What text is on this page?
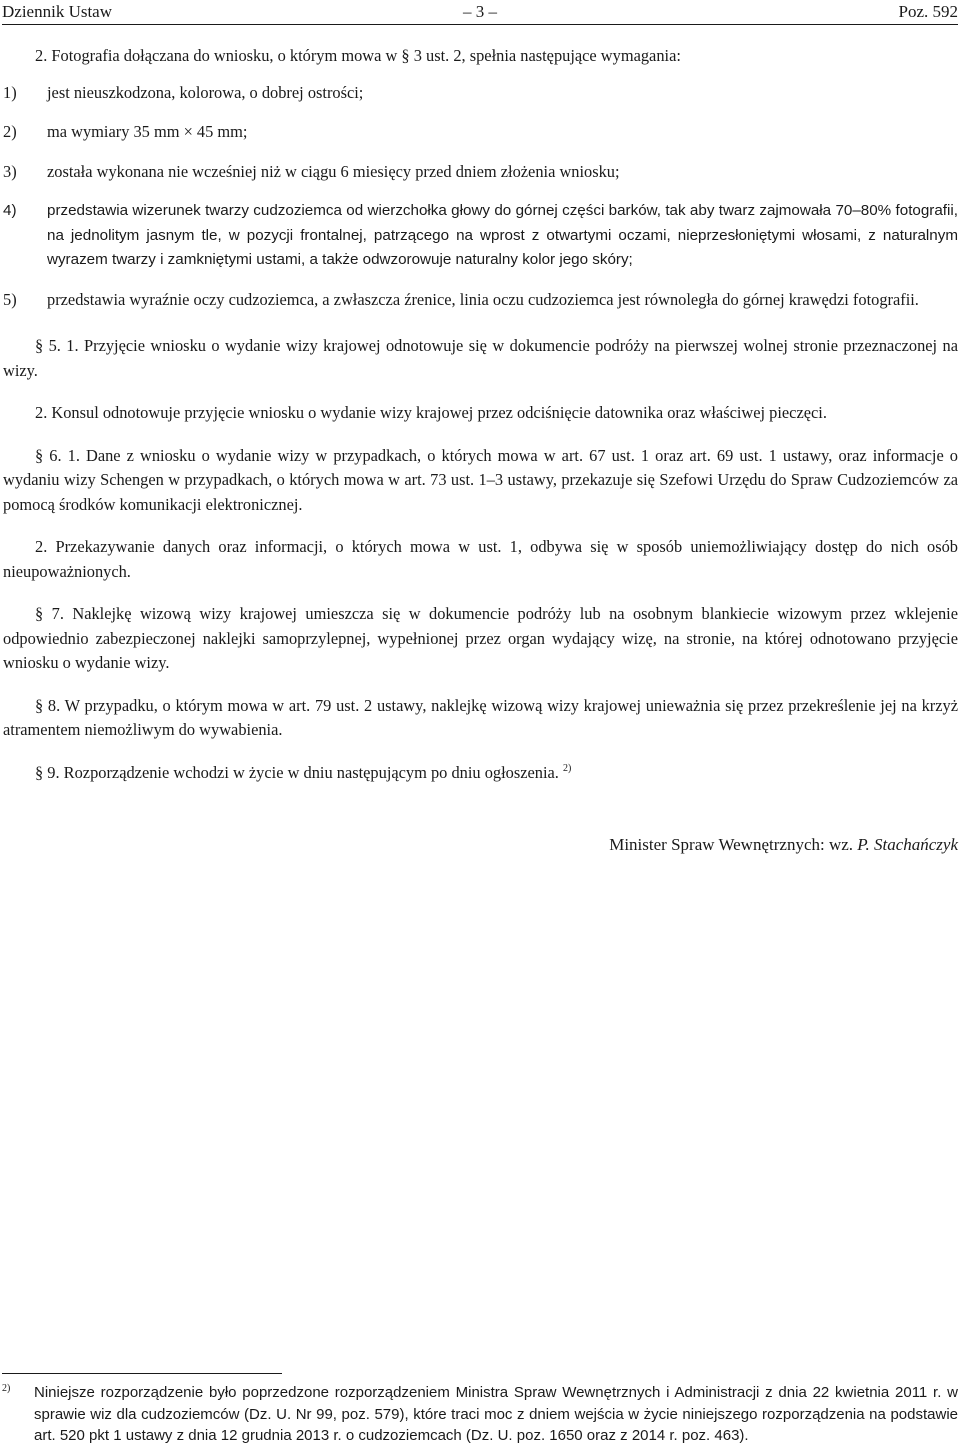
Dziennik Ustaw	– 3 –	Poz. 592

2. Fotografia dołączana do wniosku, o którym mowa w § 3 ust. 2, spełnia następujące wymagania:

1) jest nieuszkodzona, kolorowa, o dobrej ostrości;
2) ma wymiary 35 mm × 45 mm;
3) została wykonana nie wcześniej niż w ciągu 6 miesięcy przed dniem złożenia wniosku;
4) przedstawia wizerunek twarzy cudzoziemca od wierzchołka głowy do górnej części barków, tak aby twarz zajmowała 70–80% fotografii, na jednolitym jasnym tle, w pozycji frontalnej, patrzącego na wprost z otwartymi oczami, nieprzesłoniętymi włosami, z naturalnym wyrazem twarzy i zamkniętymi ustami, a także odwzorowuje naturalny kolor jego skóry;
5) przedstawia wyraźnie oczy cudzoziemca, a zwłaszcza źrenice, linia oczu cudzoziemca jest równoległa do górnej krawędzi fotografii.

§ 5. 1. Przyjęcie wniosku o wydanie wizy krajowej odnotowuje się w dokumencie podróży na pierwszej wolnej stronie przeznaczonej na wizy.

2. Konsul odnotowuje przyjęcie wniosku o wydanie wizy krajowej przez odciśnięcie datownika oraz właściwej pieczęci.

§ 6. 1. Dane z wniosku o wydanie wizy w przypadkach, o których mowa w art. 67 ust. 1 oraz art. 69 ust. 1 ustawy, oraz informacje o wydaniu wizy Schengen w przypadkach, o których mowa w art. 73 ust. 1–3 ustawy, przekazuje się Szefowi Urzędu do Spraw Cudzoziemców za pomocą środków komunikacji elektronicznej.

2. Przekazywanie danych oraz informacji, o których mowa w ust. 1, odbywa się w sposób uniemożliwiający dostęp do nich osób nieupoważnionych.

§ 7. Naklejkę wizową wizy krajowej umieszcza się w dokumencie podróży lub na osobnym blankiecie wizowym przez wklejenie odpowiednio zabezpieczonej naklejki samoprzylepnej, wypełnionej przez organ wydający wizę, na stronie, na której odnotowano przyjęcie wniosku o wydanie wizy.

§ 8. W przypadku, o którym mowa w art. 79 ust. 2 ustawy, naklejkę wizową wizy krajowej unieważnia się przez przekreślenie jej na krzyż atramentem niemożliwym do wywabienia.

§ 9. Rozporządzenie wchodzi w życie w dniu następującym po dniu ogłoszenia. $^{2)}$

Minister Spraw Wewnętrznych: wz. P. Stachańczyk
2)	Niniejsze rozporządzenie było poprzedzone rozporządzeniem Ministra Spraw Wewnętrznych i Administracji z dnia 22 kwietnia 2011 r. w sprawie wiz dla cudzoziemców (Dz. U. Nr 99, poz. 579), które traci moc z dniem wejścia w życie niniejszego rozporządzenia na podstawie art. 520 pkt 1 ustawy z dnia 12 grudnia 2013 r. o cudzoziemcach (Dz. U. poz. 1650 oraz z 2014 r. poz. 463).
